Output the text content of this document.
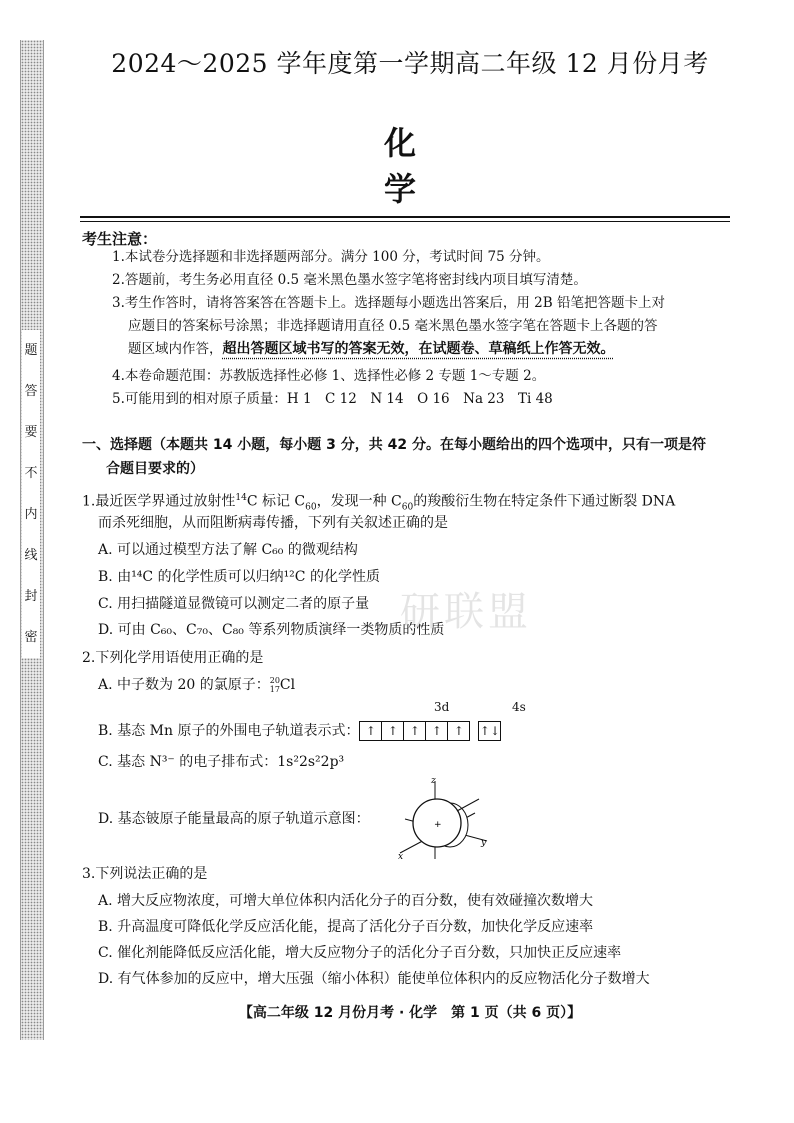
题
答
要
不
内
线
封
密
2024～2025 学年度第一学期高二年级 12 月份月考
化学
考生注意：
1.本试卷分选择题和非选择题两部分。满分 100 分，考试时间 75 分钟。
2.答题前，考生务必用直径 0.5 毫米黑色墨水签字笔将密封线内项目填写清楚。
3.考生作答时，请将答案答在答题卡上。选择题每小题选出答案后，用 2B 铅笔把答题卡上对
应题目的答案标号涂黑；非选择题请用直径 0.5 毫米黑色墨水签字笔在答题卡上各题的答
题区域内作答，超出答题区域书写的答案无效，在试题卷、草稿纸上作答无效。
4.本卷命题范围：苏教版选择性必修 1、选择性必修 2 专题 1～专题 2。
5.可能用到的相对原子质量：H 1　C 12　N 14　O 16　Na 23　Ti 48
一、选择题（本题共 14 小题，每小题 3 分，共 42 分。在每小题给出的四个选项中，只有一项是符
合题目要求的）
1.最近医学界通过放射性$^{14}$C 标记 $C_{60}$，发现一种 $C_{60}$的羧酸衍生物在特定条件下通过断裂 DNA
而杀死细胞，从而阻断病毒传播，下列有关叙述正确的是
A. 可以通过模型方法了解 C₆₀ 的微观结构
B. 由¹⁴C 的化学性质可以归纳¹²C 的化学性质
C. 用扫描隧道显微镜可以测定二者的原子量
D. 可由 C₆₀、C₇₀、C₈₀ 等系列物质演绎一类物质的性质
研联盟
2.下列化学用语使用正确的是
A. 中子数为 20 的氯原子： 20
17 Cl
3d	4s
B. 基态 Mn 原子的外围电子轨道表示式： ↑ ↑ ↑ ↑ ↑ ↑↓
C. 基态 N³⁻ 的电子排布式：1s²2s²2p³
D. 基态铍原子能量最高的原子轨道示意图：
z
x
y
+
3.下列说法正确的是
A. 增大反应物浓度，可增大单位体积内活化分子的百分数，使有效碰撞次数增大
B. 升高温度可降低化学反应活化能，提高了活化分子百分数，加快化学反应速率
C. 催化剂能降低反应活化能，增大反应物分子的活化分子百分数，只加快正反应速率
D. 有气体参加的反应中，增大压强（缩小体积）能使单位体积内的反应物活化分子数增大
【高二年级 12 月份月考 · 化学　第 1 页（共 6 页）】
